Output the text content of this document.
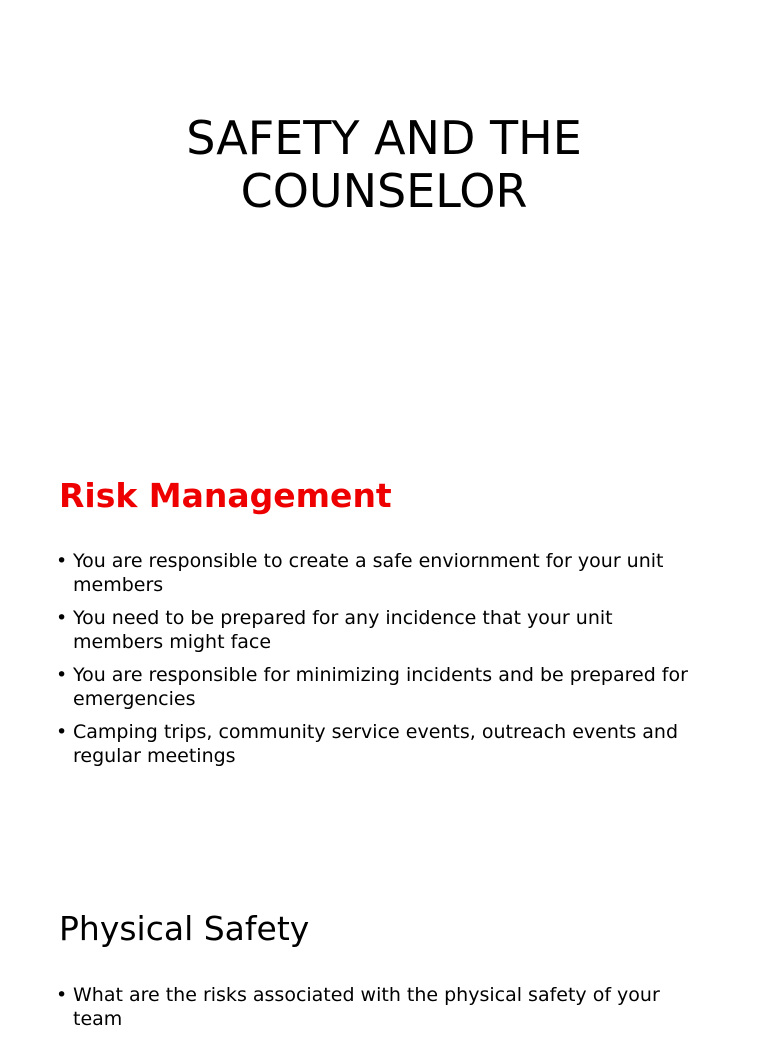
SAFETY AND THE
COUNSELOR
Risk Management
• You are responsible to create a safe enviornment for your unit members
• You need to be prepared for any incidence that your unit members might face
• You are responsible for minimizing incidents and be prepared for emergencies
• Camping trips, community service events, outreach events and regular meetings
Physical Safety
• What are the risks associated with the physical safety of your team
